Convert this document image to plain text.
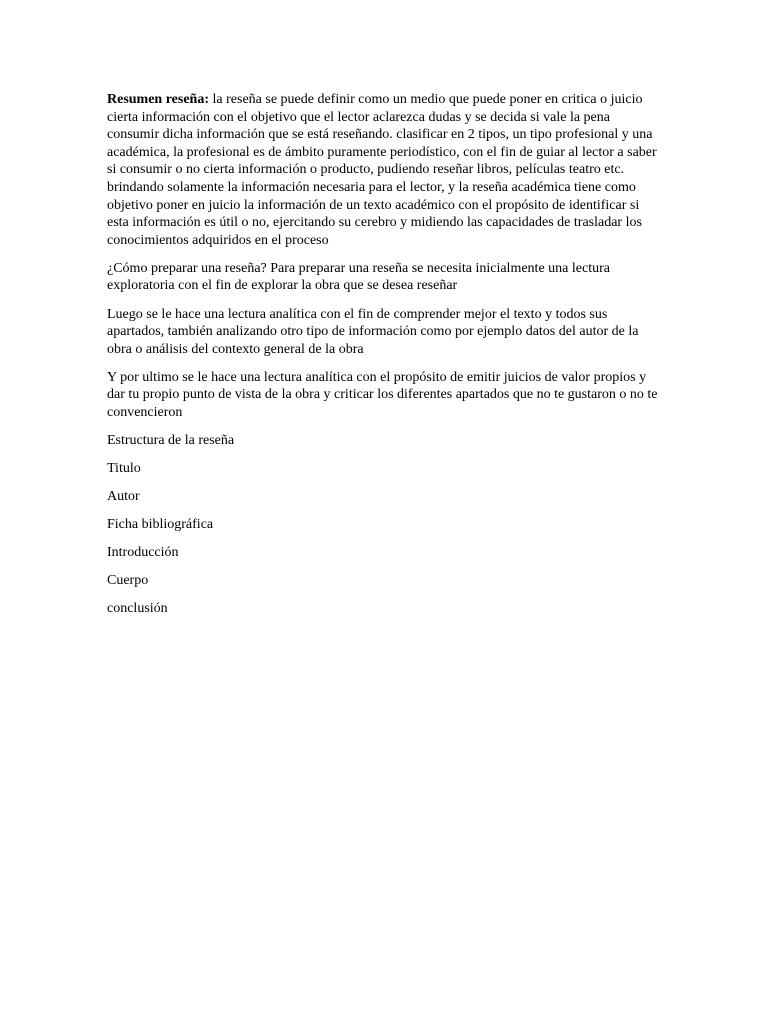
Resumen reseña: la reseña se puede definir como un medio que puede poner en critica o juicio cierta información con el objetivo que el lector aclarezca dudas y se decida si vale la pena consumir dicha información que se está reseñando. clasificar en 2 tipos, un tipo profesional y una académica, la profesional es de ámbito puramente periodístico, con el fin de guiar al lector a saber si consumir o no cierta información o producto, pudiendo reseñar libros, películas teatro etc. brindando solamente la información necesaria para el lector, y la reseña académica tiene como objetivo poner en juicio la información de un texto académico con el propósito de identificar si esta información es útil o no, ejercitando su cerebro y midiendo las capacidades de trasladar los conocimientos adquiridos en el proceso

¿Cómo preparar una reseña? Para preparar una reseña se necesita inicialmente una lectura exploratoria con el fin de explorar la obra que se desea reseñar

Luego se le hace una lectura analítica con el fin de comprender mejor el texto y todos sus apartados, también analizando otro tipo de información como por ejemplo datos del autor de la obra o análisis del contexto general de la obra

Y por ultimo se le hace una lectura analítica con el propósito de emitir juicios de valor propios y dar tu propio punto de vista de la obra y criticar los diferentes apartados que no te gustaron o no te convencieron

Estructura de la reseña

Titulo

Autor

Ficha bibliográfica

Introducción

Cuerpo

conclusión
